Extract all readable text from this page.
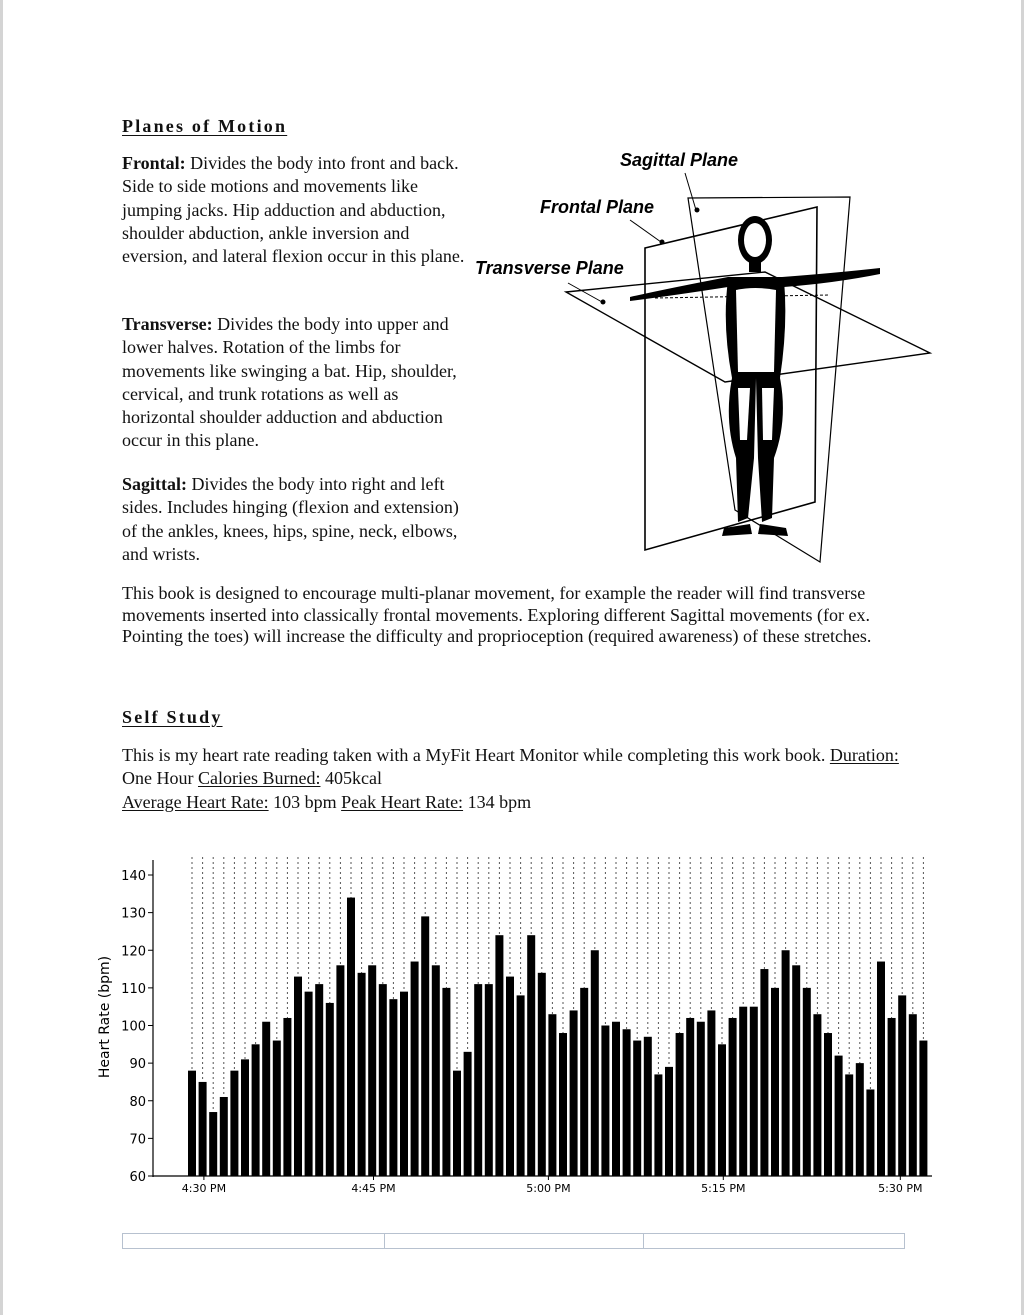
Planes of Motion

Frontal: Divides the body into front and back. Side to side motions and movements like jumping jacks. Hip adduction and abduction, shoulder abduction, ankle inversion and eversion, and lateral flexion occur in this plane.

Transverse: Divides the body into upper and lower halves. Rotation of the limbs for movements like swinging a bat. Hip, shoulder, cervical, and trunk rotations as well as horizontal shoulder adduction and abduction occur in this plane.

Sagittal: Divides the body into right and left sides. Includes hinging (flexion and extension) of the ankles, knees, hips, spine, neck, elbows, and wrists.

Sagittal Plane
Frontal Plane
Transverse Plane

This book is designed to encourage multi-planar movement, for example the reader will find transverse movements inserted into classically frontal movements. Exploring different Sagittal movements (for ex. Pointing the toes) will increase the difficulty and proprioception (required awareness) of these stretches.

Self Study

This is my heart rate reading taken with a MyFit Heart Monitor while completing this work book. Duration: One Hour Calories Burned: 405kcal
Average Heart Rate: 103 bpm Peak Heart Rate: 134 bpm

60
70
80
90
100
110
120
130
140
4:30 PM	4:45 PM	5:00 PM	5:15 PM	5:30 PM
Heart Rate (bpm)
